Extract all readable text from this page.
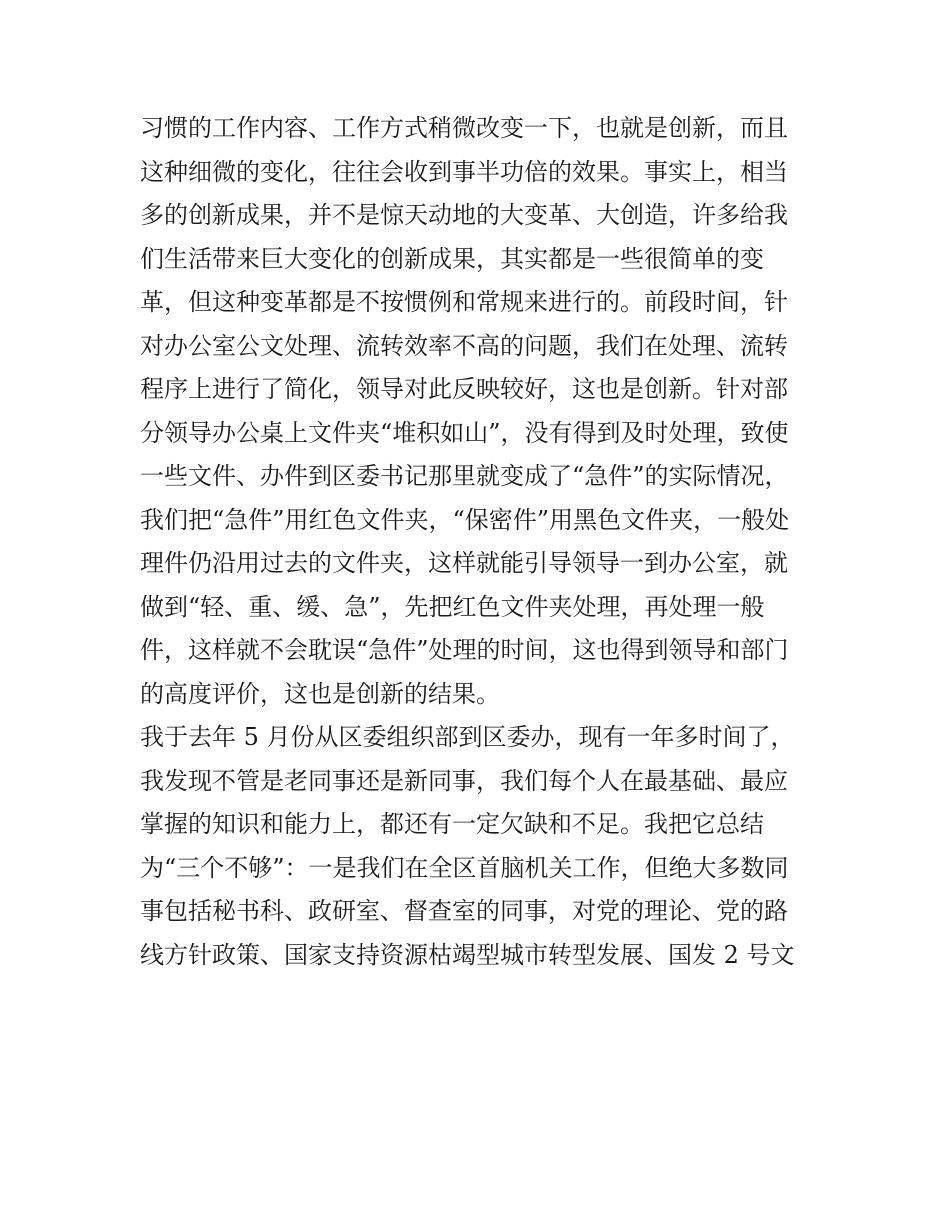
习惯的工作内容、工作方式稍微改变一下，也就是创新，而且
这种细微的变化，往往会收到事半功倍的效果。事实上，相当
多的创新成果，并不是惊天动地的大变革、大创造，许多给我
们生活带来巨大变化的创新成果，其实都是一些很简单的变
革，但这种变革都是不按惯例和常规来进行的。前段时间，针
对办公室公文处理、流转效率不高的问题，我们在处理、流转
程序上进行了简化，领导对此反映较好，这也是创新。针对部
分领导办公桌上文件夹“堆积如山”，没有得到及时处理，致使
一些文件、办件到区委书记那里就变成了“急件”的实际情况，
我们把“急件”用红色文件夹，“保密件”用黑色文件夹，一般处
理件仍沿用过去的文件夹，这样就能引导领导一到办公室，就
做到“轻、重、缓、急”，先把红色文件夹处理，再处理一般
件，这样就不会耽误“急件”处理的时间，这也得到领导和部门
的高度评价，这也是创新的结果。
我于去年 5 月份从区委组织部到区委办，现有一年多时间了，
我发现不管是老同事还是新同事，我们每个人在最基础、最应
掌握的知识和能力上，都还有一定欠缺和不足。我把它总结
为“三个不够”：一是我们在全区首脑机关工作，但绝大多数同
事包括秘书科、政研室、督查室的同事，对党的理论、党的路
线方针政策、国家支持资源枯竭型城市转型发展、国发 2 号文
